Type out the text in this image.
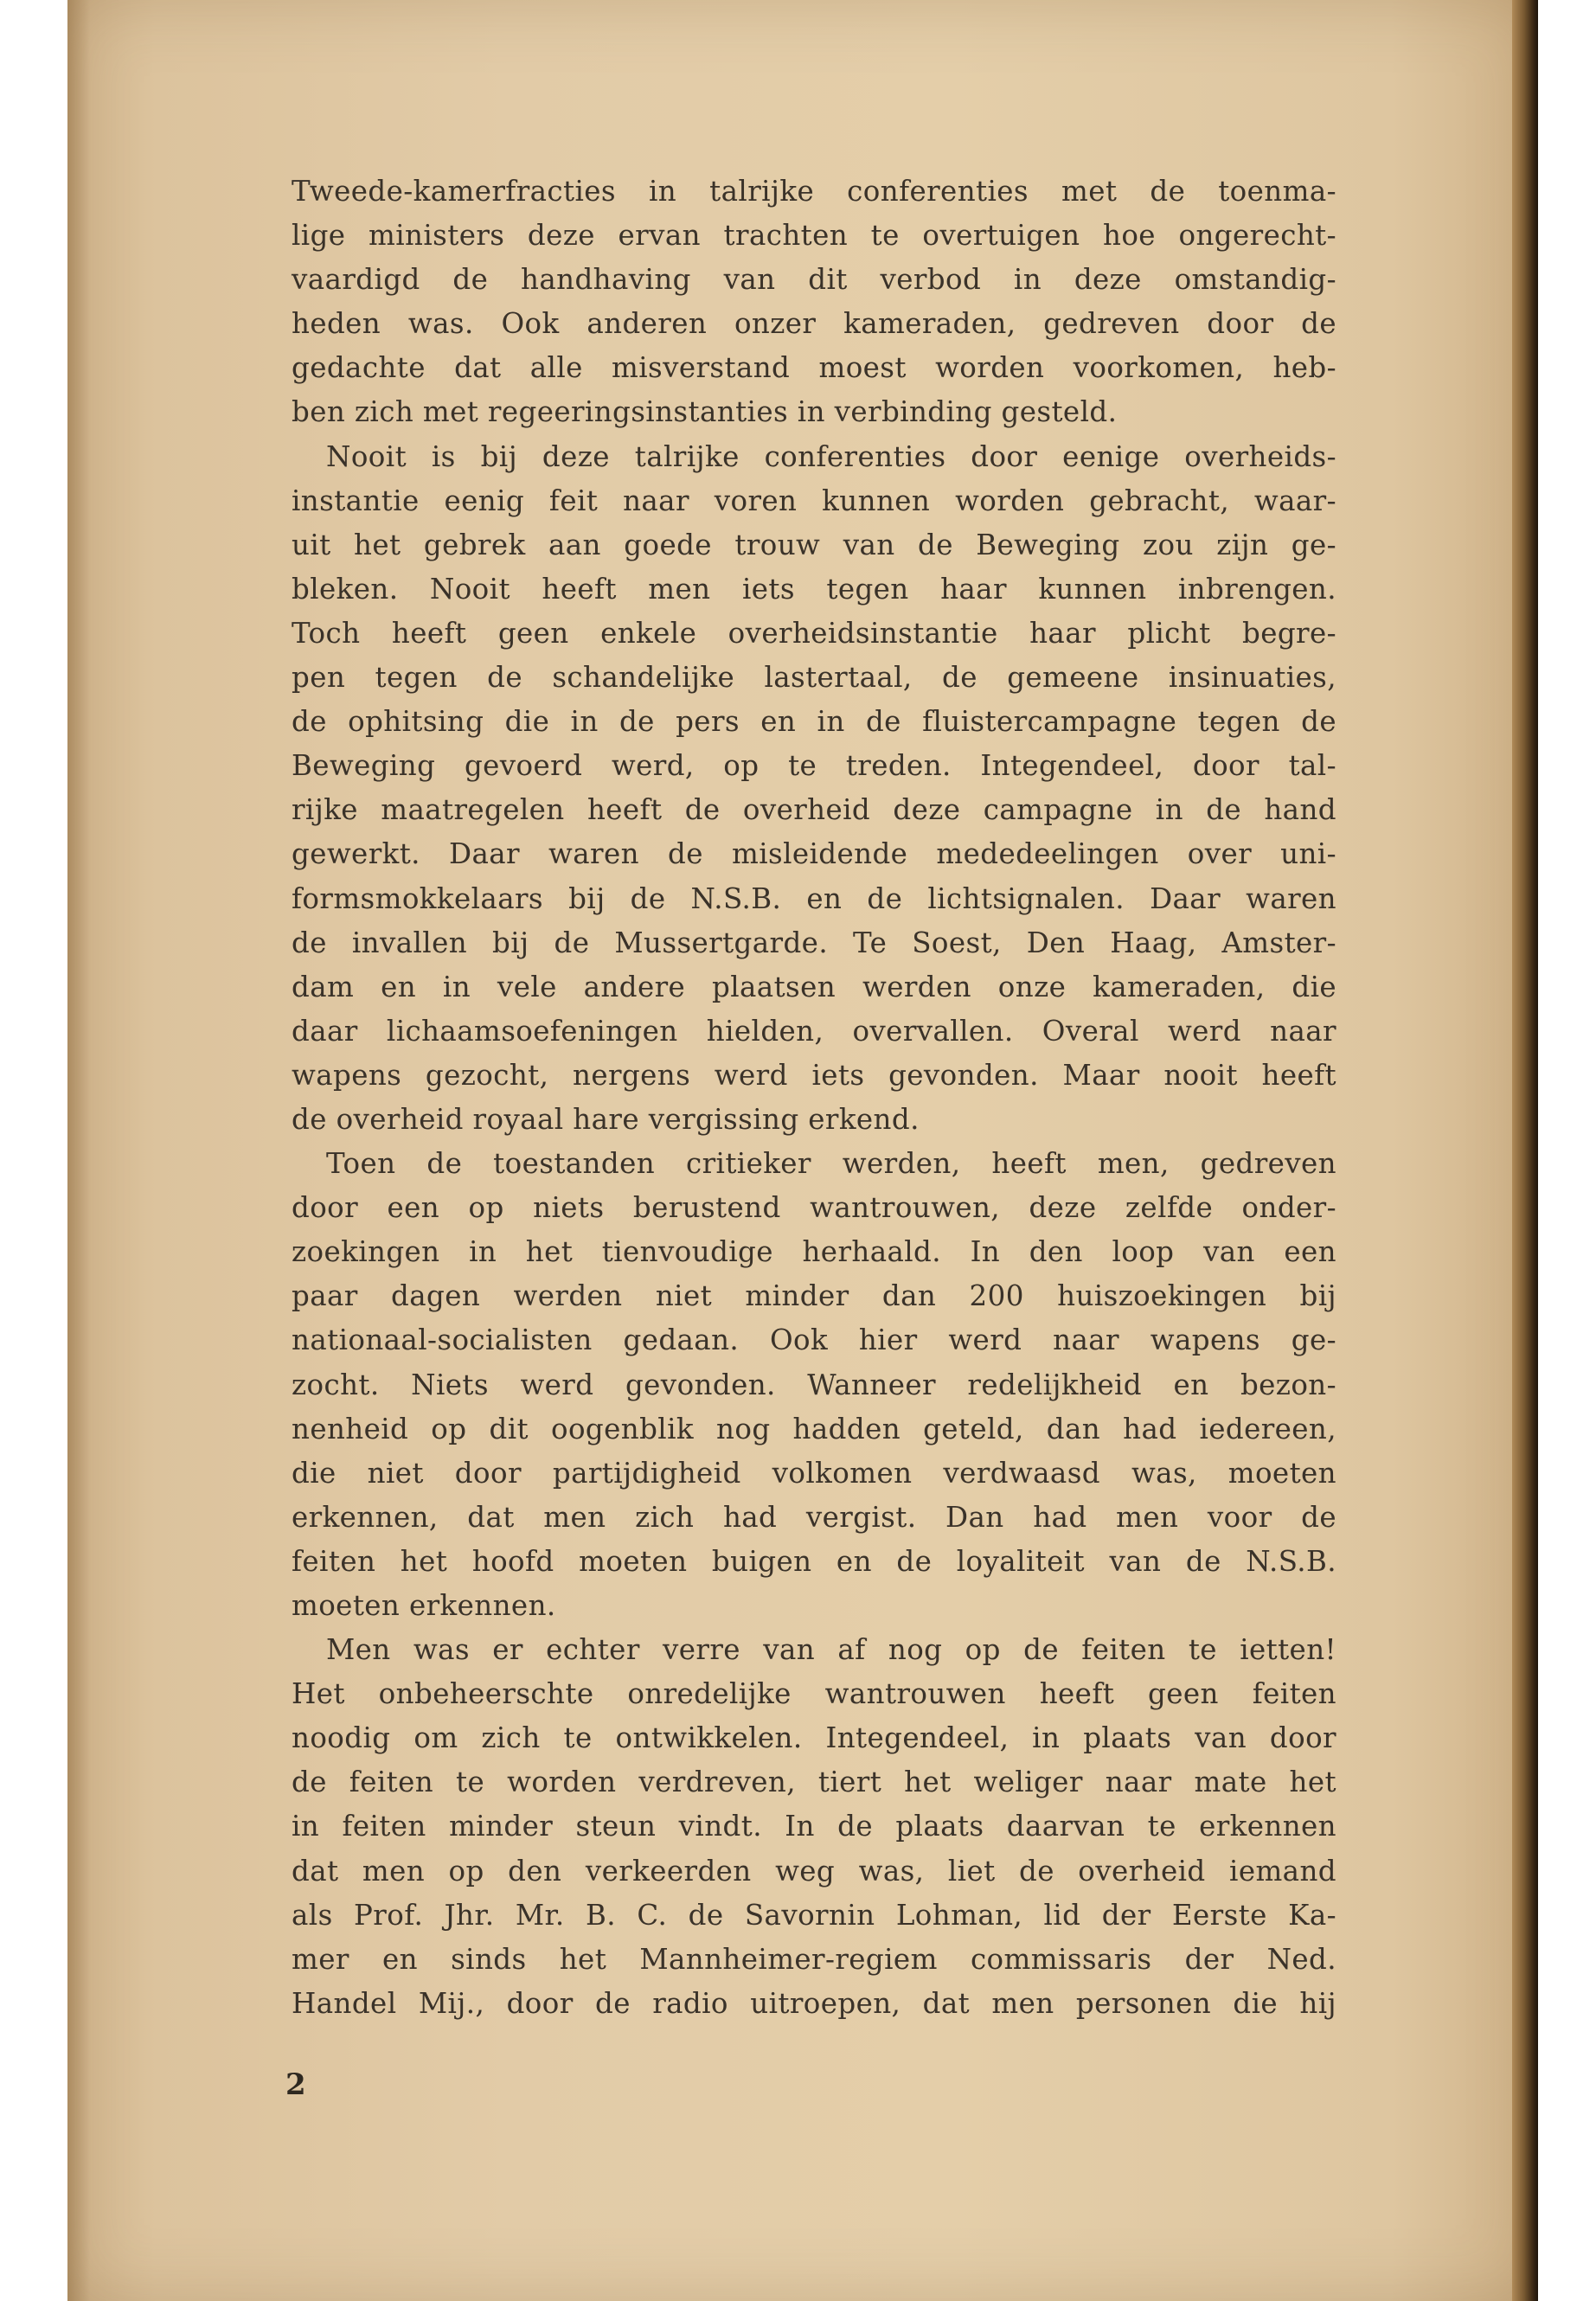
Tweede-kamerfracties in talrijke conferenties met de toenma-
lige ministers deze ervan trachten te overtuigen hoe ongerecht-
vaardigd de handhaving van dit verbod in deze omstandig-
heden was. Ook anderen onzer kameraden, gedreven door de
gedachte dat alle misverstand moest worden voorkomen, heb-
ben zich met regeeringsinstanties in verbinding gesteld.
Nooit is bij deze talrijke conferenties door eenige overheids-
instantie eenig feit naar voren kunnen worden gebracht, waar-
uit het gebrek aan goede trouw van de Beweging zou zijn ge-
bleken. Nooit heeft men iets tegen haar kunnen inbrengen.
Toch heeft geen enkele overheidsinstantie haar plicht begre-
pen tegen de schandelijke lastertaal, de gemeene insinuaties,
de ophitsing die in de pers en in de fluistercampagne tegen de
Beweging gevoerd werd, op te treden. Integendeel, door tal-
rijke maatregelen heeft de overheid deze campagne in de hand
gewerkt. Daar waren de misleidende mededeelingen over uni-
formsmokkelaars bij de N.S.B. en de lichtsignalen. Daar waren
de invallen bij de Mussertgarde. Te Soest, Den Haag, Amster-
dam en in vele andere plaatsen werden onze kameraden, die
daar lichaamsoefeningen hielden, overvallen. Overal werd naar
wapens gezocht, nergens werd iets gevonden. Maar nooit heeft
de overheid royaal hare vergissing erkend.
Toen de toestanden critieker werden, heeft men, gedreven
door een op niets berustend wantrouwen, deze zelfde onder-
zoekingen in het tienvoudige herhaald. In den loop van een
paar dagen werden niet minder dan 200 huiszoekingen bij
nationaal-socialisten gedaan. Ook hier werd naar wapens ge-
zocht. Niets werd gevonden. Wanneer redelijkheid en bezon-
nenheid op dit oogenblik nog hadden geteld, dan had iedereen,
die niet door partijdigheid volkomen verdwaasd was, moeten
erkennen, dat men zich had vergist. Dan had men voor de
feiten het hoofd moeten buigen en de loyaliteit van de N.S.B.
moeten erkennen.
Men was er echter verre van af nog op de feiten te ietten!
Het onbeheerschte onredelijke wantrouwen heeft geen feiten
noodig om zich te ontwikkelen. Integendeel, in plaats van door
de feiten te worden verdreven, tiert het weliger naar mate het
in feiten minder steun vindt. In de plaats daarvan te erkennen
dat men op den verkeerden weg was, liet de overheid iemand
als Prof. Jhr. Mr. B. C. de Savornin Lohman, lid der Eerste Ka-
mer en sinds het Mannheimer-regiem commissaris der Ned.
Handel Mij., door de radio uitroepen, dat men personen die hij
2
